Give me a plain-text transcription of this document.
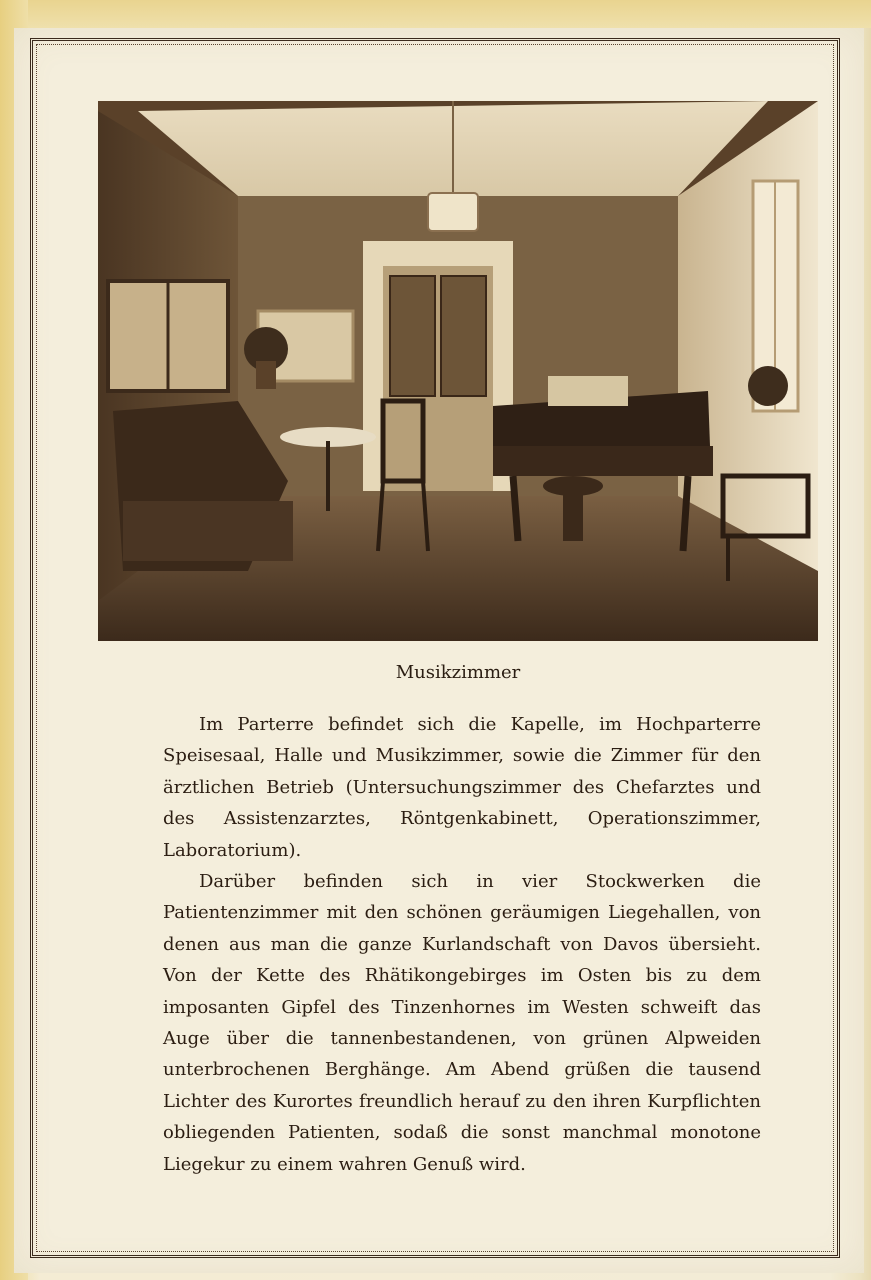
Musikzimmer

Im Parterre befindet sich die Kapelle, im Hochparterre Speisesaal, Halle und Musikzimmer, sowie die Zimmer für den ärztlichen Betrieb (Untersuchungszimmer des Chefarztes und des Assistenzarztes, Röntgenkabinett, Operationszimmer, Laboratorium).

Darüber befinden sich in vier Stockwerken die Patientenzimmer mit den schönen geräumigen Liegehallen, von denen aus man die ganze Kurlandschaft von Davos übersieht. Von der Kette des Rhätikongebirges im Osten bis zu dem imposanten Gipfel des Tinzenhornes im Westen schweift das Auge über die tannenbestandenen, von grünen Alpweiden unterbrochenen Berghänge. Am Abend grüßen die tausend Lichter des Kurortes freundlich herauf zu den ihren Kurpflichten obliegenden Patienten, sodaß die sonst manchmal monotone Liegekur zu einem wahren Genuß wird.
